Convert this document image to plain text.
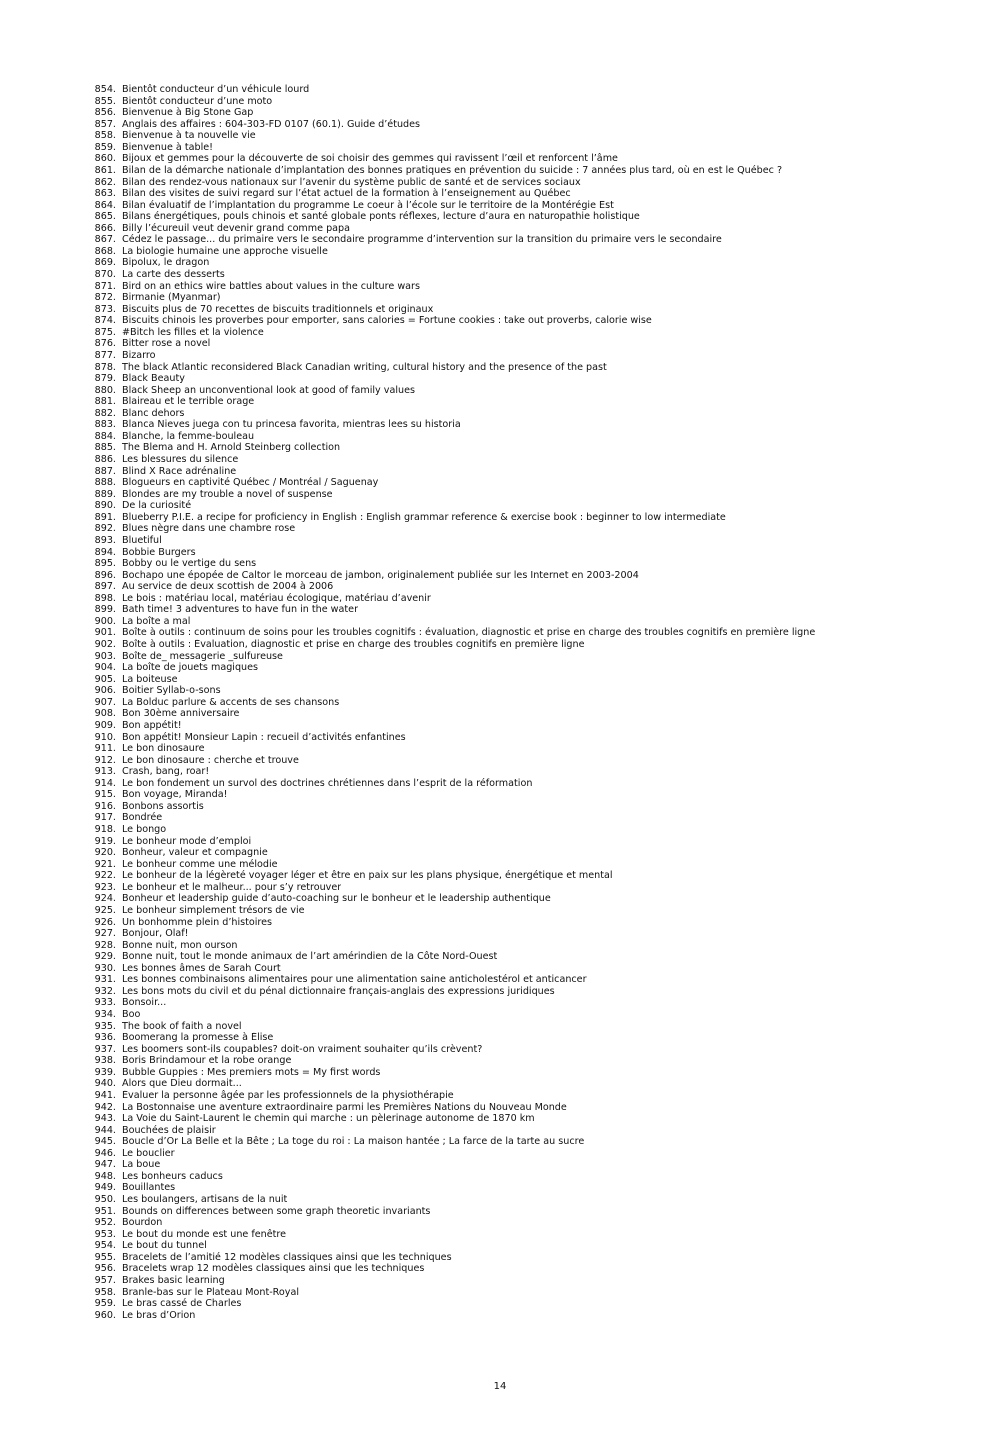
854. Bientôt conducteur d’un véhicule lourd
855. Bientôt conducteur d’une moto
856. Bienvenue à Big Stone Gap
857. Anglais des affaires : 604-303-FD 0107 (60.1). Guide d’études
858. Bienvenue à ta nouvelle vie
859. Bienvenue à table!
860. Bijoux et gemmes pour la découverte de soi choisir des gemmes qui ravissent l’œil et renforcent l’âme
861. Bilan de la démarche nationale d’implantation des bonnes pratiques en prévention du suicide : 7 années plus tard, où en est le Québec ?
862. Bilan des rendez-vous nationaux sur l’avenir du système public de santé et de services sociaux
863. Bilan des visites de suivi regard sur l’état actuel de la formation à l’enseignement au Québec
864. Bilan évaluatif de l’implantation du programme Le coeur à l’école sur le territoire de la Montérégie Est
865. Bilans énergétiques, pouls chinois et santé globale ponts réflexes, lecture d’aura en naturopathie holistique
866. Billy l’écureuil veut devenir grand comme papa
867. Cédez le passage... du primaire vers le secondaire programme d’intervention sur la transition du primaire vers le secondaire
868. La biologie humaine une approche visuelle
869. Bipolux, le dragon
870. La carte des desserts
871. Bird on an ethics wire battles about values in the culture wars
872. Birmanie (Myanmar)
873. Biscuits plus de 70 recettes de biscuits traditionnels et originaux
874. Biscuits chinois les proverbes pour emporter, sans calories = Fortune cookies : take out proverbs, calorie wise
875. #Bitch les filles et la violence
876. Bitter rose a novel
877. Bizarro
878. The black Atlantic reconsidered Black Canadian writing, cultural history and the presence of the past
879. Black Beauty
880. Black Sheep an unconventional look at good of family values
881. Blaireau et le terrible orage
882. Blanc dehors
883. Blanca Nieves juega con tu princesa favorita, mientras lees su historia
884. Blanche, la femme-bouleau
885. The Blema and H. Arnold Steinberg collection
886. Les blessures du silence
887. Blind X Race adrénaline
888. Blogueurs en captivité Québec / Montréal / Saguenay
889. Blondes are my trouble a novel of suspense
890. De la curiosité
891. Blueberry P.I.E. a recipe for proficiency in English : English grammar reference & exercise book : beginner to low intermediate
892. Blues nègre dans une chambre rose
893. Bluetiful
894. Bobbie Burgers
895. Bobby ou le vertige du sens
896. Bochapo une épopée de Caltor le morceau de jambon, originalement publiée sur les Internet en 2003-2004
897. Au service de deux scottish de 2004 à 2006
898. Le bois : matériau local, matériau écologique, matériau d’avenir
899. Bath time! 3 adventures to have fun in the water
900. La boîte a mal
901. Boîte à outils : continuum de soins pour les troubles cognitifs : évaluation, diagnostic et prise en charge des troubles cognitifs en première ligne
902. Boîte à outils : Évaluation, diagnostic et prise en charge des troubles cognitifs en première ligne
903. Boîte de_ messagerie _sulfureuse
904. La boîte de jouets magiques
905. La boiteuse
906. Boitier Syllab-o-sons
907. La Bolduc parlure & accents de ses chansons
908. Bon 30ème anniversaire
909. Bon appétit!
910. Bon appétit! Monsieur Lapin : recueil d’activités enfantines
911. Le bon dinosaure
912. Le bon dinosaure : cherche et trouve
913. Crash, bang, roar!
914. Le bon fondement un survol des doctrines chrétiennes dans l’esprit de la réformation
915. Bon voyage, Miranda!
916. Bonbons assortis
917. Bondrée
918. Le bongo
919. Le bonheur mode d’emploi
920. Bonheur, valeur et compagnie
921. Le bonheur comme une mélodie
922. Le bonheur de la légèreté voyager léger et être en paix sur les plans physique, énergétique et mental
923. Le bonheur et le malheur... pour s’y retrouver
924. Bonheur et leadership guide d’auto-coaching sur le bonheur et le leadership authentique
925. Le bonheur simplement trésors de vie
926. Un bonhomme plein d’histoires
927. Bonjour, Olaf!
928. Bonne nuit, mon ourson
929. Bonne nuit, tout le monde animaux de l’art amérindien de la Côte Nord-Ouest
930. Les bonnes âmes de Sarah Court
931. Les bonnes combinaisons alimentaires pour une alimentation saine anticholestérol et anticancer
932. Les bons mots du civil et du pénal dictionnaire français-anglais des expressions juridiques
933. Bonsoir...
934. Boo
935. The book of faith a novel
936. Boomerang la promesse à Élise
937. Les boomers sont-ils coupables? doit-on vraiment souhaiter qu’ils crèvent?
938. Boris Brindamour et la robe orange
939. Bubble Guppies : Mes premiers mots = My first words
940. Alors que Dieu dormait...
941. Évaluer la personne âgée par les professionnels de la physiothérapie
942. La Bostonnaise une aventure extraordinaire parmi les Premières Nations du Nouveau Monde
943. La Voie du Saint-Laurent le chemin qui marche : un pèlerinage autonome de 1870 km
944. Bouchées de plaisir
945. Boucle d’Or La Belle et la Bête ; La toge du roi : La maison hantée ; La farce de la tarte au sucre
946. Le bouclier
947. La boue
948. Les bonheurs caducs
949. Bouillantes
950. Les boulangers, artisans de la nuit
951. Bounds on differences between some graph theoretic invariants
952. Bourdon
953. Le bout du monde est une fenêtre
954. Le bout du tunnel
955. Bracelets de l’amitié 12 modèles classiques ainsi que les techniques
956. Bracelets wrap 12 modèles classiques ainsi que les techniques
957. Brakes basic learning
958. Branle-bas sur le Plateau Mont-Royal
959. Le bras cassé de Charles
960. Le bras d’Orion
14
